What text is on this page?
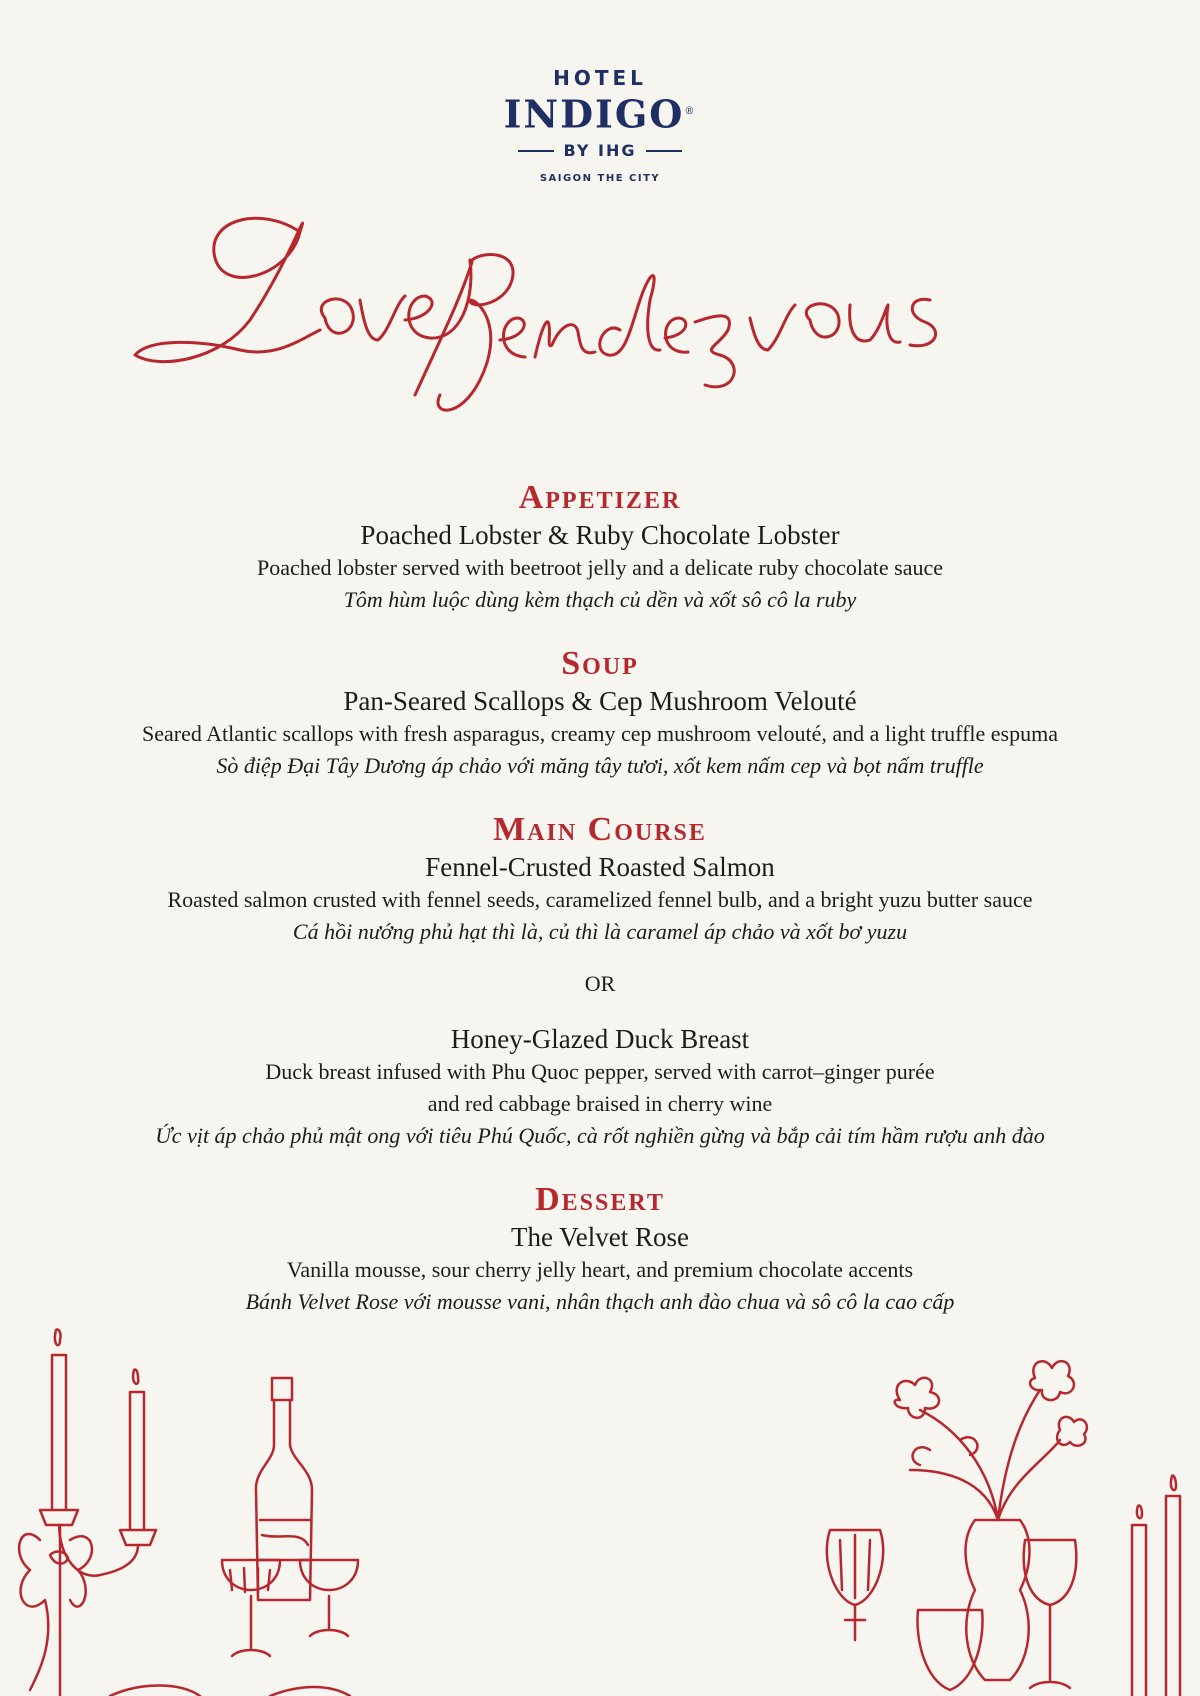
HOTEL
INDIGO®
BY IHG
SAIGON THE CITY
Appetizer
Poached Lobster & Ruby Chocolate Lobster
Poached lobster served with beetroot jelly and a delicate ruby chocolate sauce
Tôm hùm luộc dùng kèm thạch củ dền và xốt sô cô la ruby
Soup
Pan-Seared Scallops & Cep Mushroom Velouté
Seared Atlantic scallops with fresh asparagus, creamy cep mushroom velouté, and a light truffle espuma
Sò điệp Đại Tây Dương áp chảo với măng tây tươi, xốt kem nấm cep và bọt nấm truffle
Main Course
Fennel-Crusted Roasted Salmon
Roasted salmon crusted with fennel seeds, caramelized fennel bulb, and a bright yuzu butter sauce
Cá hồi nướng phủ hạt thì là, củ thì là caramel áp chảo và xốt bơ yuzu
OR
Honey-Glazed Duck Breast
Duck breast infused with Phu Quoc pepper, served with carrot–ginger purée
and red cabbage braised in cherry wine
Ức vịt áp chảo phủ mật ong với tiêu Phú Quốc, cà rốt nghiền gừng và bắp cải tím hầm rượu anh đào
Dessert
The Velvet Rose
Vanilla mousse, sour cherry jelly heart, and premium chocolate accents
Bánh Velvet Rose với mousse vani, nhân thạch anh đào chua và sô cô la cao cấp
